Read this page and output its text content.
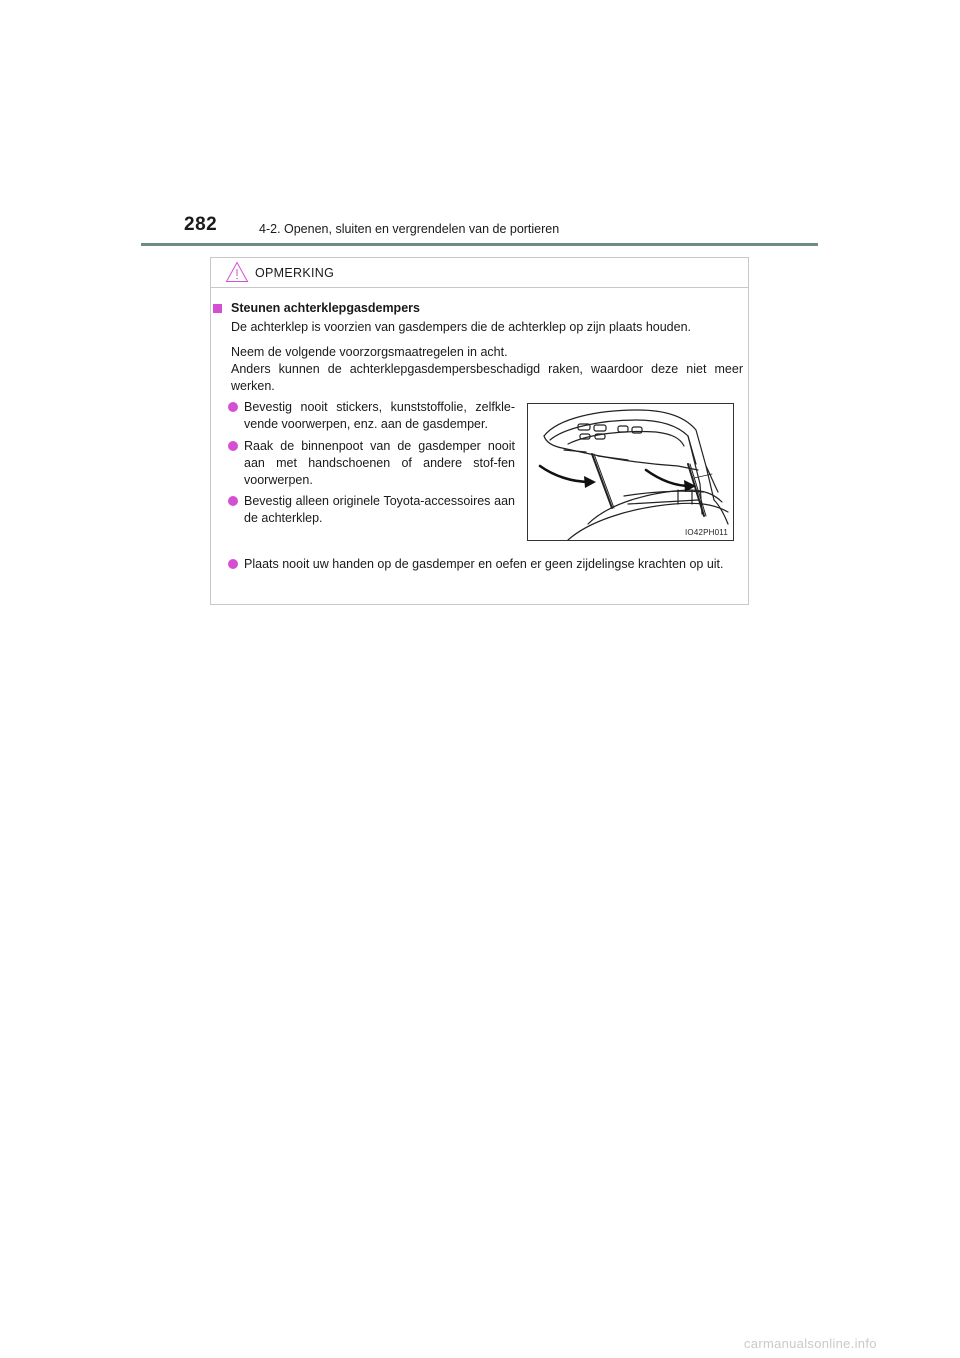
282	4-2. Openen, sluiten en vergrendelen van de portieren
OPMERKING
Steunen achterklepgasdempers
De achterklep is voorzien van gasdempers die de achterklep op zijn plaats houden.
Neem de volgende voorzorgsmaatregelen in acht.
Anders kunnen de achterklepgasdempersbeschadigd raken, waardoor deze niet meer werken.
Bevestig nooit stickers, kunststoffolie, zelfkle-vende voorwerpen, enz. aan de gasdemper.
Raak de binnenpoot van de gasdemper nooit aan met handschoenen of andere stof-fen voorwerpen.
Bevestig alleen originele Toyota-accessoires aan de achterklep.
Plaats nooit uw handen op de gasdemper en oefen er geen zijdelingse krachten op uit.
IO42PH011
carmanualsonline.info
